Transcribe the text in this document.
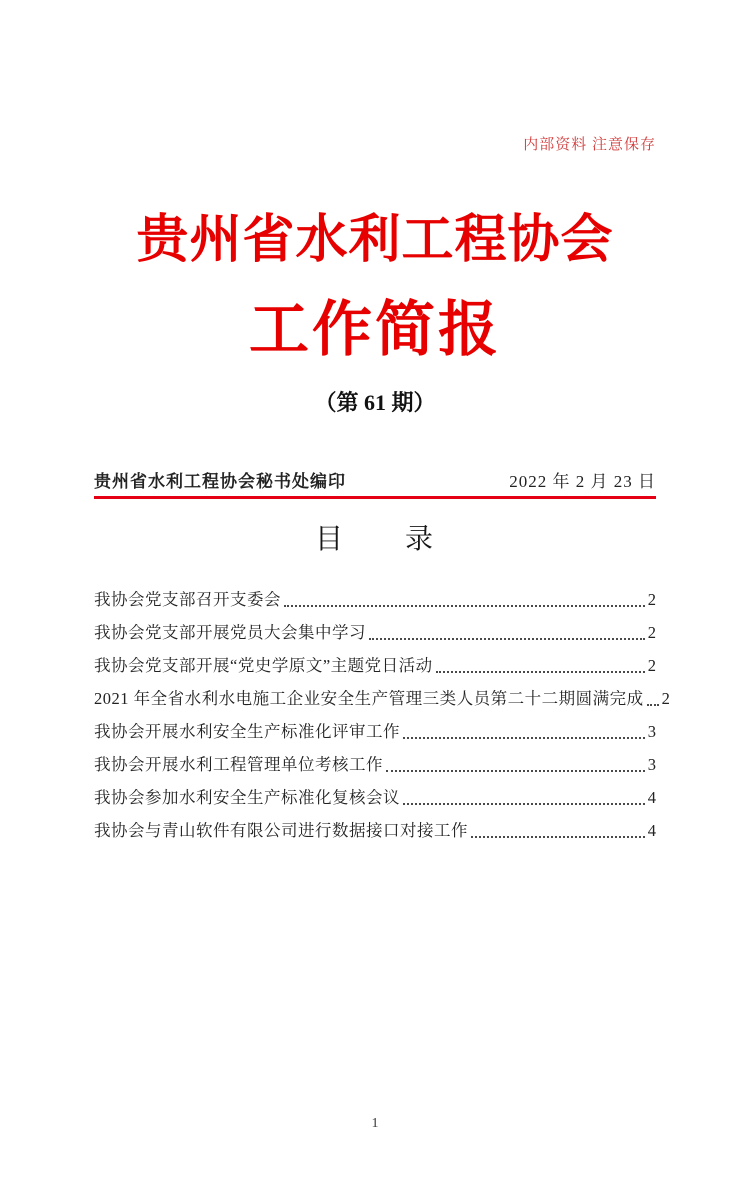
内部资料 注意保存
贵州省水利工程协会
工作简报
（第 61 期）
贵州省水利工程协会秘书处编印	2022 年 2 月 23 日
目　　录
我协会党支部召开支委会	2
我协会党支部开展党员大会集中学习	2
我协会党支部开展“党史学原文”主题党日活动	2
2021 年全省水利水电施工企业安全生产管理三类人员第二十二期圆满完成 2
我协会开展水利安全生产标准化评审工作	3
我协会开展水利工程管理单位考核工作	3
我协会参加水利安全生产标准化复核会议	4
我协会与青山软件有限公司进行数据接口对接工作	4
1
